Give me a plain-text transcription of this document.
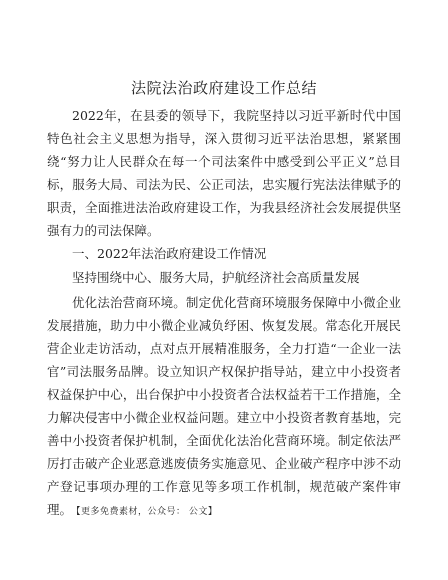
法院法治政府建设工作总结

2022年，在县委的领导下，我院坚持以习近平新时代中国特色社会主义思想为指导，深入贯彻习近平法治思想，紧紧围绕“努力让人民群众在每一个司法案件中感受到公平正义”总目标，服务大局、司法为民、公正司法，忠实履行宪法法律赋予的职责，全面推进法治政府建设工作，为我县经济社会发展提供坚强有力的司法保障。

一、2022年法治政府建设工作情况

坚持围绕中心、服务大局，护航经济社会高质量发展

优化法治营商环境。制定优化营商环境服务保障中小微企业发展措施，助力中小微企业减负纾困、恢复发展。常态化开展民营企业走访活动，点对点开展精准服务，全力打造“一企业一法官”司法服务品牌。设立知识产权保护指导站，建立中小投资者权益保护中心，出台保护中小投资者合法权益若干工作措施，全力解决侵害中小微企业权益问题。建立中小投资者教育基地，完善中小投资者保护机制，全面优化法治化营商环境。制定依法严厉打击破产企业恶意逃废债务实施意见、企业破产程序中涉不动产登记事项办理的工作意见等多项工作机制，规范破产案件审理。 【更多免费素材，公众号： 公文】
